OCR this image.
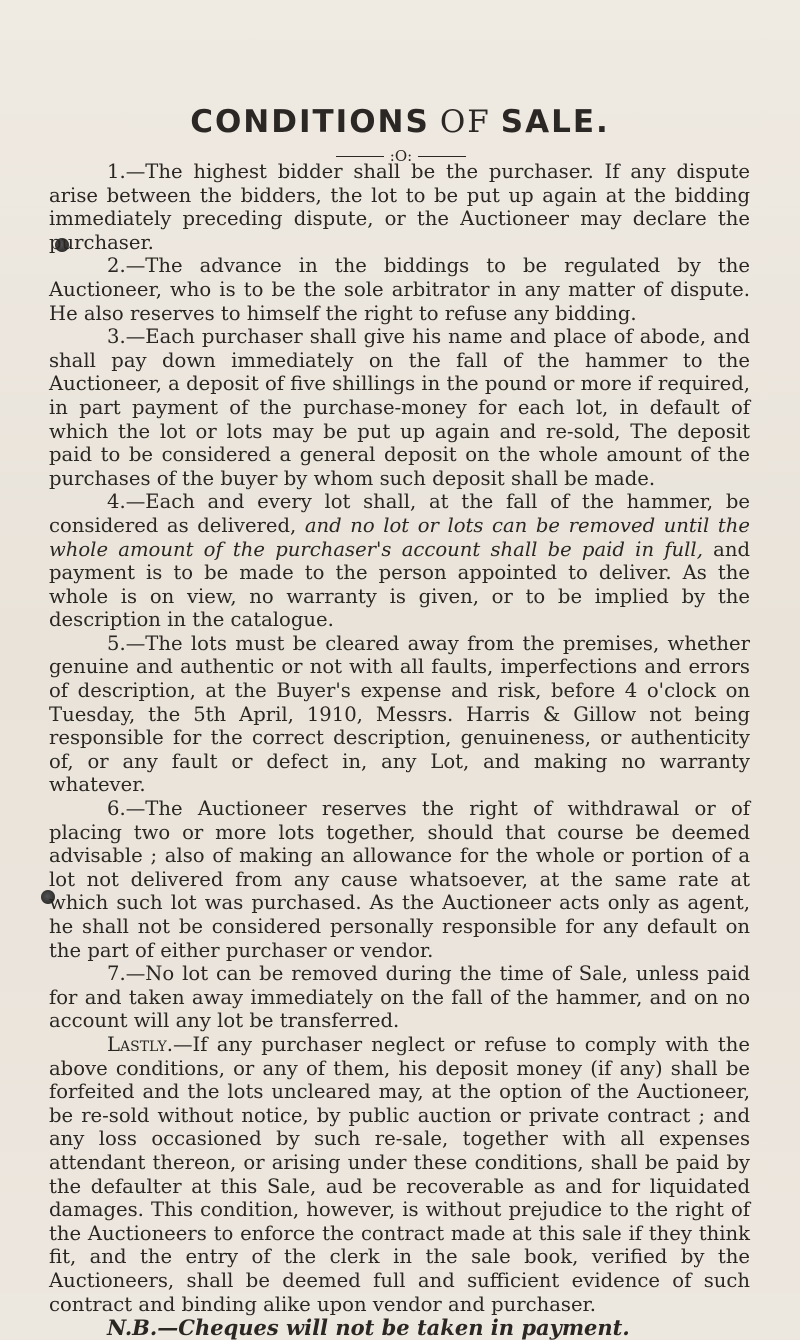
CONDITIONS OF SALE.
:O:

1.—The highest bidder shall be the purchaser. If any dispute arise between the bidders, the lot to be put up again at the bidding immediately preceding dispute, or the Auctioneer may declare the purchaser.

2.—The advance in the biddings to be regulated by the Auctioneer, who is to be the sole arbitrator in any matter of dispute. He also reserves to himself the right to refuse any bidding.

3.—Each purchaser shall give his name and place of abode, and shall pay down immediately on the fall of the hammer to the Auctioneer, a deposit of five shillings in the pound or more if required, in part payment of the purchase-money for each lot, in default of which the lot or lots may be put up again and re-sold, The deposit paid to be considered a general deposit on the whole amount of the purchases of the buyer by whom such deposit shall be made.

4.—Each and every lot shall, at the fall of the hammer, be considered as delivered, and no lot or lots can be removed until the whole amount of the purchaser's account shall be paid in full, and payment is to be made to the person appointed to deliver. As the whole is on view, no warranty is given, or to be implied by the description in the catalogue.

5.—The lots must be cleared away from the premises, whether genuine and authentic or not with all faults, imperfections and errors of description, at the Buyer's expense and risk, before 4 o'clock on Tuesday, the 5th April, 1910, Messrs. Harris & Gillow not being responsible for the correct description, genuineness, or authenticity of, or any fault or defect in, any Lot, and making no warranty whatever.

6.—The Auctioneer reserves the right of withdrawal or of placing two or more lots together, should that course be deemed advisable ; also of making an allowance for the whole or portion of a lot not delivered from any cause whatsoever, at the same rate at which such lot was purchased. As the Auctioneer acts only as agent, he shall not be considered personally responsible for any default on the part of either purchaser or vendor.

7.—No lot can be removed during the time of Sale, unless paid for and taken away immediately on the fall of the hammer, and on no account will any lot be transferred.

Lastly.—If any purchaser neglect or refuse to comply with the above conditions, or any of them, his deposit money (if any) shall be forfeited and the lots uncleared may, at the option of the Auctioneer, be re-sold without notice, by public auction or private contract ; and any loss occasioned by such re-sale, together with all expenses attendant thereon, or arising under these conditions, shall be paid by the defaulter at this Sale, aud be recoverable as and for liquidated damages. This condition, however, is without prejudice to the right of the Auctioneers to enforce the contract made at this sale if they think fit, and the entry of the clerk in the sale book, verified by the Auctioneers, shall be deemed full and sufficient evidence of such contract and binding alike upon vendor and purchaser.

N.B.—Cheques will not be taken in payment.
